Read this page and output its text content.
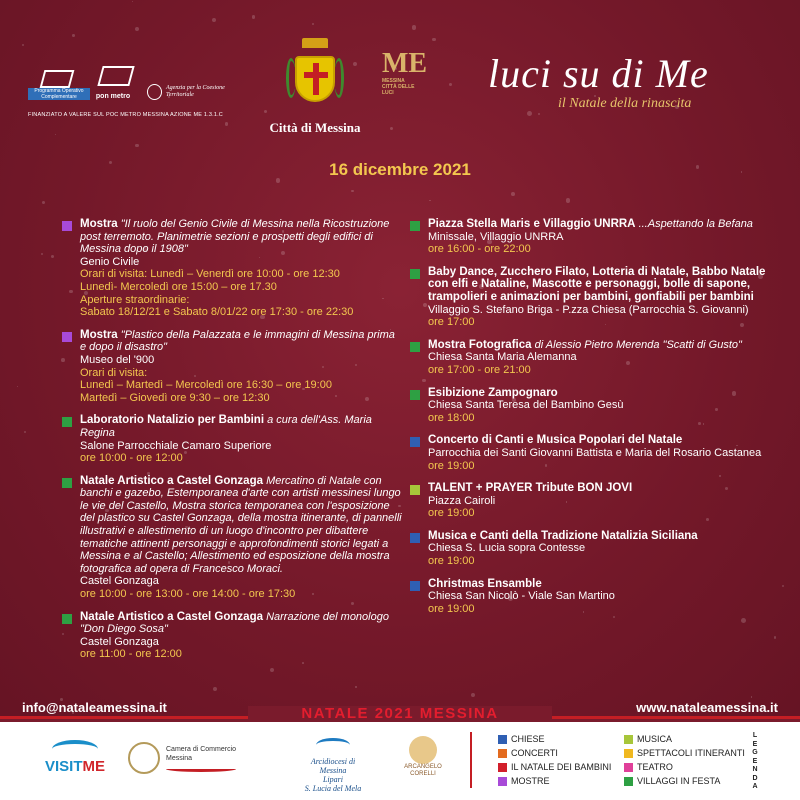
Programma Operativo Complementare	pon metro
Agenzia per la Coesione Territoriale
FINANZIATO A VALERE SUL POC METRO MESSINA AZIONE ME 1.3.1.C
Città di Messina
ME
MESSINA CITTÀ DELLE LUCI	luci su di Me
il Natale della rinascita
16 dicembre 2021

Mostra "Il ruolo del Genio Civile di Messina nella Ricostruzione post terremoto. Planimetrie sezioni e prospetti degli edifici di Messina dopo il 1908"

Genio Civile

Orari di visita: Lunedì – Venerdì ore 10:00 - ore 12:30
Lunedì- Mercoledì ore 15:00 – ore 17.30
Aperture straordinarie:
Sabato 18/12/21 e Sabato 8/01/22 ore 17:30 - ore 22:30

Mostra "Plastico della Palazzata e le immagini di Messina prima e dopo il disastro"

Museo del '900

Orari di visita:
Lunedì – Martedì – Mercoledì ore 16:30 – ore 19:00
Martedì – Giovedì ore 9:30 – ore 12:30

Laboratorio Natalizio per Bambini a cura dell'Ass. Maria Regina

Salone Parrocchiale Camaro Superiore

ore 10:00 - ore 12:00

Natale Artistico a Castel Gonzaga Mercatino di Natale con banchi e gazebo, Estemporanea d'arte con artisti messinesi lungo le vie del Castello, Mostra storica temporanea con l'esposizione del plastico su Castel Gonzaga, della mostra itinerante, di pannelli illustrativi e allestimento di un luogo d'incontro per dibattere tematiche attinenti personaggi e approfondimenti storici legati a Messina e al Castello; Allestimento ed esposizione della mostra fotografica ad opera di Francesco Moraci.

Castel Gonzaga

ore 10:00 - ore 13:00 - ore 14:00 - ore 17:30

Natale Artistico a Castel Gonzaga Narrazione del monologo "Don Diego Sosa"

Castel Gonzaga

ore 11:00 - ore 12:00

Piazza Stella Maris e Villaggio UNRRA ...Aspettando la Befana

Minissale, Villaggio UNRRA

ore 16:00 - ore 22:00

Baby Dance, Zucchero Filato, Lotteria di Natale, Babbo Natale con elfi e Nataline, Mascotte e personaggi, bolle di sapone, trampolieri e animazioni per bambini, gonfiabili per bambini

Villaggio S. Stefano Briga - P.zza Chiesa (Parrocchia S. Giovanni)

ore 17:00

Mostra Fotografica di Alessio Pietro Merenda "Scatti di Gusto"

Chiesa Santa Maria Alemanna

ore 17:00 - ore 21:00

Esibizione Zampognaro

Chiesa Santa Teresa del Bambino Gesù

ore 18:00

Concerto di Canti e Musica Popolari del Natale

Parrocchia dei Santi Giovanni Battista e Maria del Rosario Castanea

ore 19:00

TALENT + PRAYER Tribute BON JOVI

Piazza Cairoli

ore 19:00

Musica e Canti della Tradizione Natalizia Siciliana

Chiesa S. Lucia sopra Contesse

ore 19:00

Christmas Ensamble

Chiesa San Nicolò - Viale San Martino

ore 19:00

info@nataleamessina.it	www.nataleamessina.it
NATALE 2021 MESSINA
VISITME
Camera di Commercio
Messina	Arcidiocesi di
Messina
Lipari
S. Lucia del Mela
ARCANGELO
CORELLI
CHIESE
CONCERTI
IL NATALE DEI BAMBINI
MOSTRE
MUSICA
SPETTACOLI ITINERANTI
TEATRO
VILLAGGI IN FESTA
L
E
G
E
N
D
A
